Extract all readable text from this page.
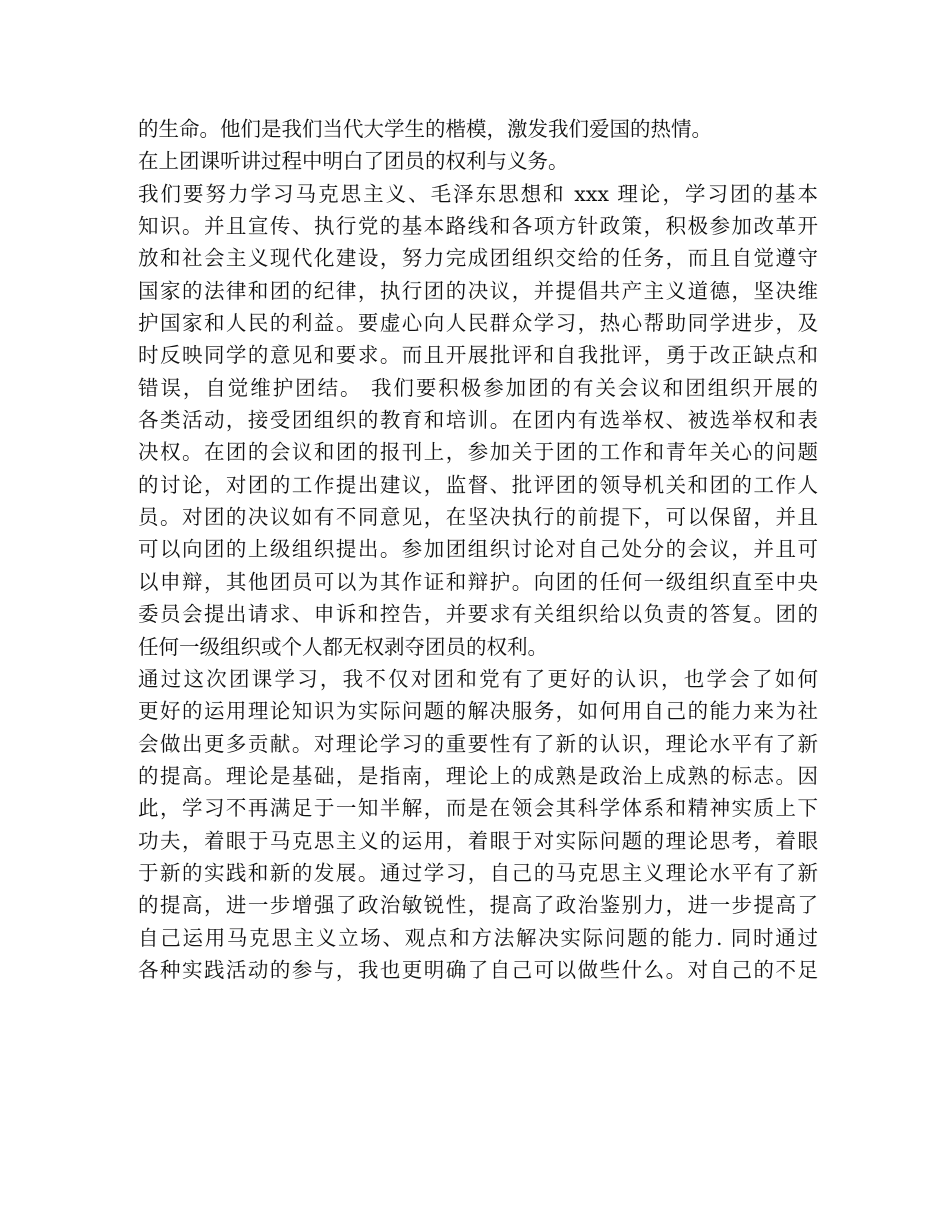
的生命。他们是我们当代大学生的楷模，激发我们爱国的热情。
在上团课听讲过程中明白了团员的权利与义务。
我们要努力学习马克思主义、毛泽东思想和 xxx 理论，学习团的基本
知识。并且宣传、执行党的基本路线和各项方针政策，积极参加改革开
放和社会主义现代化建设，努力完成团组织交给的任务，而且自觉遵守
国家的法律和团的纪律，执行团的决议，并提倡共产主义道德，坚决维
护国家和人民的利益。要虚心向人民群众学习，热心帮助同学进步，及
时反映同学的意见和要求。而且开展批评和自我批评，勇于改正缺点和
错误，自觉维护团结。 我们要积极参加团的有关会议和团组织开展的
各类活动，接受团组织的教育和培训。在团内有选举权、被选举权和表
决权。在团的会议和团的报刊上，参加关于团的工作和青年关心的问题
的讨论，对团的工作提出建议，监督、批评团的领导机关和团的工作人
员。对团的决议如有不同意见，在坚决执行的前提下，可以保留，并且
可以向团的上级组织提出。参加团组织讨论对自己处分的会议，并且可
以申辩，其他团员可以为其作证和辩护。向团的任何一级组织直至中央
委员会提出请求、申诉和控告，并要求有关组织给以负责的答复。团的
任何一级组织或个人都无权剥夺团员的权利。
通过这次团课学习，我不仅对团和党有了更好的认识，也学会了如何
更好的运用理论知识为实际问题的解决服务，如何用自己的能力来为社
会做出更多贡献。对理论学习的重要性有了新的认识，理论水平有了新
的提高。理论是基础，是指南，理论上的成熟是政治上成熟的标志。因
此，学习不再满足于一知半解，而是在领会其科学体系和精神实质上下
功夫，着眼于马克思主义的运用，着眼于对实际问题的理论思考，着眼
于新的实践和新的发展。通过学习，自己的马克思主义理论水平有了新
的提高，进一步增强了政治敏锐性，提高了政治鉴别力，进一步提高了
自己运用马克思主义立场、观点和方法解决实际问题的能力. 同时通过
各种实践活动的参与，我也更明确了自己可以做些什么。对自己的不足
